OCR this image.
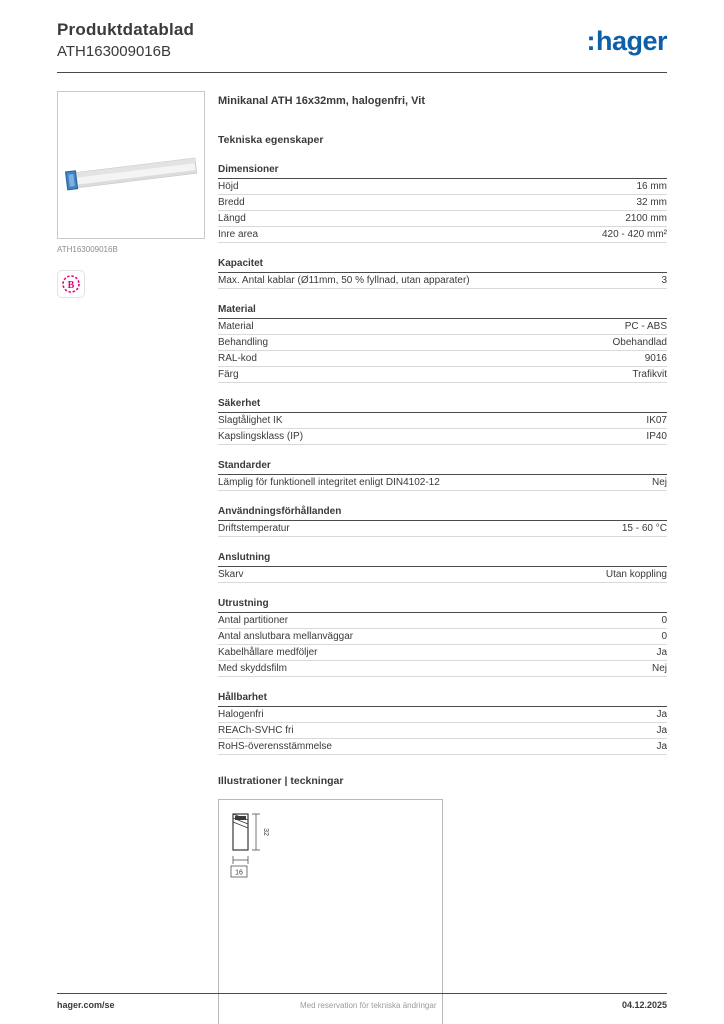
Produktdatablad
ATH163009016B	:hager
ATH163009016B
B
Minikanal ATH 16x32mm, halogenfri, Vit
Tekniska egenskaper
Dimensioner
Höjd	16 mm
Bredd	32 mm
Längd	2100 mm
Inre area	420 - 420 mm²
Kapacitet
Max. Antal kablar (Ø11mm, 50 % fyllnad, utan apparater)	3
Material
Material	PC - ABS
Behandling	Obehandlad
RAL-kod	9016
Färg	Trafikvit
Säkerhet
Slagtålighet IK	IK07
Kapslingsklass (IP)	IP40
Standarder
Lämplig för funktionell integritet enligt DIN4102-12	Nej
Användningsförhållanden
Driftstemperatur	15 - 60 °C
Anslutning
Skarv	Utan koppling
Utrustning
Antal partitioner	0
Antal anslutbara mellanväggar	0
Kabelhållare medföljer	Ja
Med skyddsfilm	Nej
Hållbarhet
Halogenfri	Ja
REACh-SVHC fri	Ja
RoHS-överensstämmelse	Ja
Illustrationer | teckningar
32
16
hager.com/se	Med reservation för tekniska ändringar	04.12.2025
